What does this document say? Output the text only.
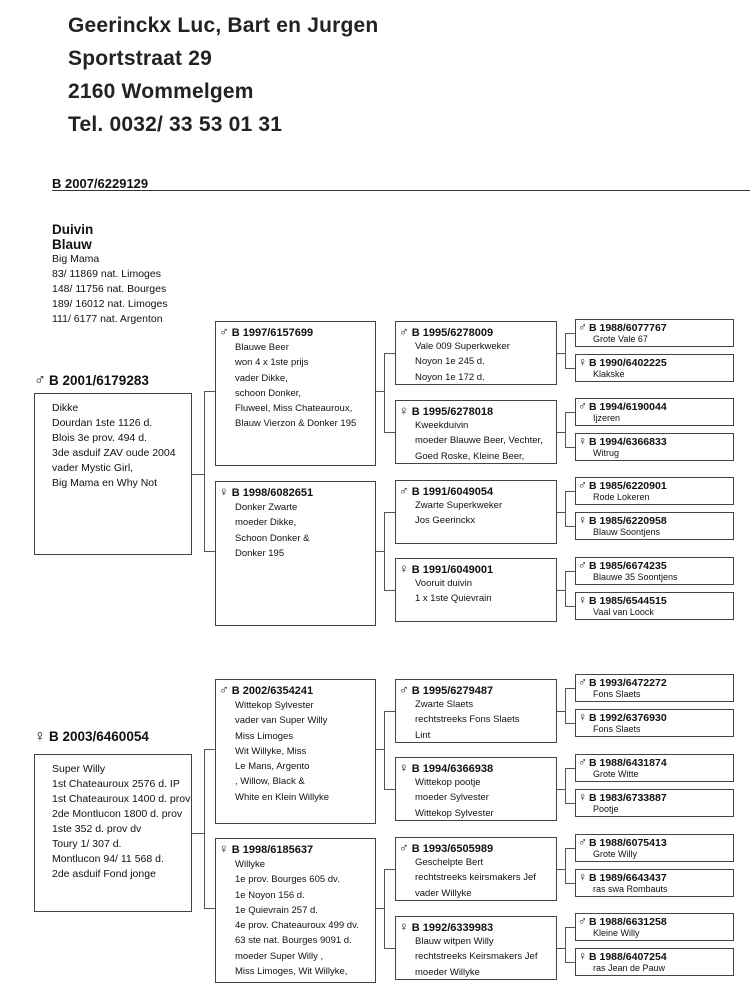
Geerinckx Luc, Bart en Jurgen
Sportstraat 29
2160 Wommelgem
Tel. 0032/ 33 53 01 31
B 2007/6229129
Duivin
Blauw
Big Mama
83/ 11869 nat. Limoges
148/ 11756 nat. Bourges
189/ 16012 nat. Limoges
111/ 6177 nat. Argenton
♂ B 2001/6179283
Dikke
Dourdan 1ste 1126 d.
Blois 3e prov. 494 d.
3de asduif ZAV oude 2004
vader Mystic Girl,
Big Mama en Why Not
♀ B 2003/6460054
Super Willy
1st Chateauroux 2576 d. IP
1st Chateauroux 1400 d. prov
2de Montlucon 1800 d. prov
1ste 352 d. prov dv
Toury 1/ 307 d.
Montlucon 94/ 11 568 d.
2de asduif Fond jonge
♂ B 1997/6157699
Blauwe Beer
won 4 x 1ste prijs
vader Dikke,
schoon Donker,
Fluweel, Miss Chateauroux,
Blauw Vierzon & Donker 195
♀ B 1998/6082651
Donker Zwarte
moeder Dikke,
Schoon Donker &
Donker 195
♂ B 2002/6354241
Wittekop Sylvester
vader van Super Willy
Miss Limoges
Wit Willyke, Miss
Le Mans, Argento
, Willow, Black &
White en Klein Willyke
♀ B 1998/6185637
Willyke
1e prov. Bourges 605 dv.
1e Noyon 156 d.
1e Quievrain 257 d.
4e prov. Chateauroux 499 dv.
63 ste nat. Bourges 9091 d.
moeder Super Willy ,
Miss Limoges, Wit Willyke,
♂ B 1995/6278009
Vale 009 Superkweker
Noyon 1e 245 d.
Noyon 1e 172 d.
♀ B 1995/6278018
Kweekduivin
moeder Blauwe Beer, Vechter,
Goed Roske, Kleine Beer,
♂ B 1991/6049054
Zwarte Superkweker
Jos Geerinckx
♀ B 1991/6049001
Vooruit duivin
1 x 1ste Quievrain
♂ B 1995/6279487
Zwarte Slaets
rechtstreeks Fons Slaets
Lint
♀ B 1994/6366938
Wittekop pootje
moeder Sylvester
Wittekop Sylvester
♂ B 1993/6505989
Geschelpte Bert
rechtstreeks keirsmakers Jef
vader Willyke
♀ B 1992/6339983
Blauw witpen Willy
rechtstreeks Keirsmakers Jef
moeder Willyke
♂ B 1988/6077767
Grote Vale 67
♀ B 1990/6402225
Klakske
♂ B 1994/6190044
Ijzeren
♀ B 1994/6366833
Witrug
♂ B 1985/6220901
Rode Lokeren
♀ B 1985/6220958
Blauw Soontjens
♂ B 1985/6674235
Blauwe 35 Soontjens
♀ B 1985/6544515
Vaal van Loock
♂ B 1993/6472272
Fons Slaets
♀ B 1992/6376930
Fons Slaets
♂ B 1988/6431874
Grote Witte
♀ B 1983/6733887
Pootje
♂ B 1988/6075413
Grote Willy
♀ B 1989/6643437
ras swa Rombauts
♂ B 1988/6631258
Kleine Willy
♀ B 1988/6407254
ras Jean de Pauw
